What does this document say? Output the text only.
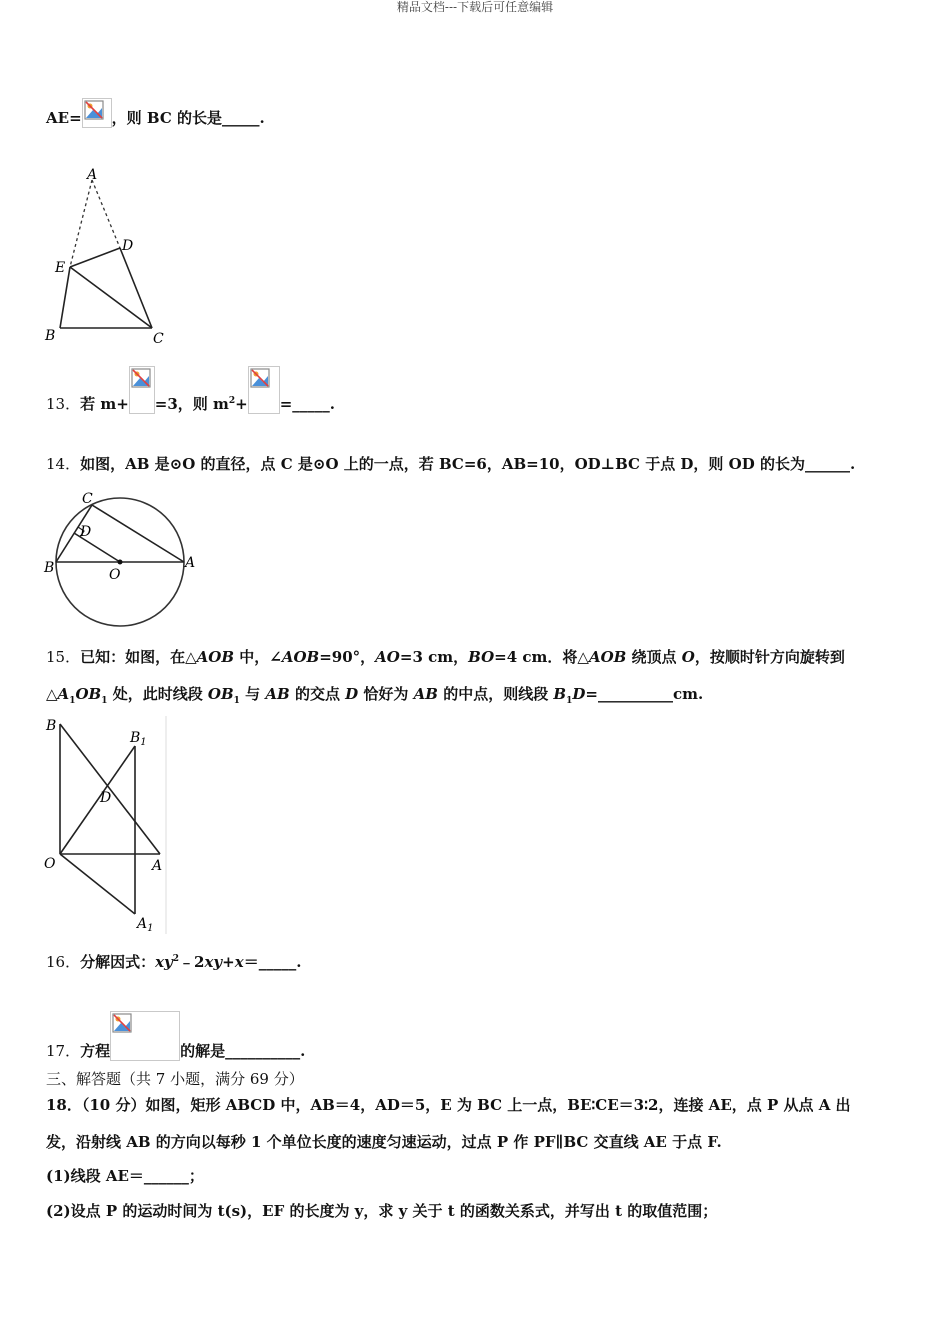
精品文档---下载后可任意编辑
AE= ，则 BC 的长是_____.
A
D
E
B	C
13．若 m+ =3，则 $m^2+$ =_____.
14．如图，AB 是⊙O 的直径，点 C 是⊙O 上的一点，若 BC=6，AB=10，OD⊥BC 于点 D，则 OD 的长为______.
C
D
B	O
A
15．已知：如图，在△AOB 中，∠AOB=90°，AO=3 cm，BO=4 cm．将△AOB 绕顶点 O，按顺时针方向旋转到
$\triangle A_1OB_1$ 处，此时线段 $OB_1$ 与 AB 的交点 D 恰好为 AB 的中点，则线段 $B_1D=\_\_\_\_\_\_\_\_\_\_cm$.
B
$B_1$
D
O	A
$A_1$
16．分解因式：$xy^2﹣2xy+x=\_\_\_\_\_$.
17．方程	的解是__________.
三、解答题（共 7 小题，满分 69 分）
18．（10 分）如图，矩形 ABCD 中，AB＝4，AD＝5，E 为 BC 上一点，BE∶CE＝3∶2，连接 AE，点 P 从点 A 出
发，沿射线 AB 的方向以每秒 1 个单位长度的速度匀速运动，过点 P 作 PF∥BC 交直线 AE 于点 F.
(1)线段 AE＝______；
(2)设点 P 的运动时间为 t(s)，EF 的长度为 y，求 y 关于 t 的函数关系式，并写出 t 的取值范围；
